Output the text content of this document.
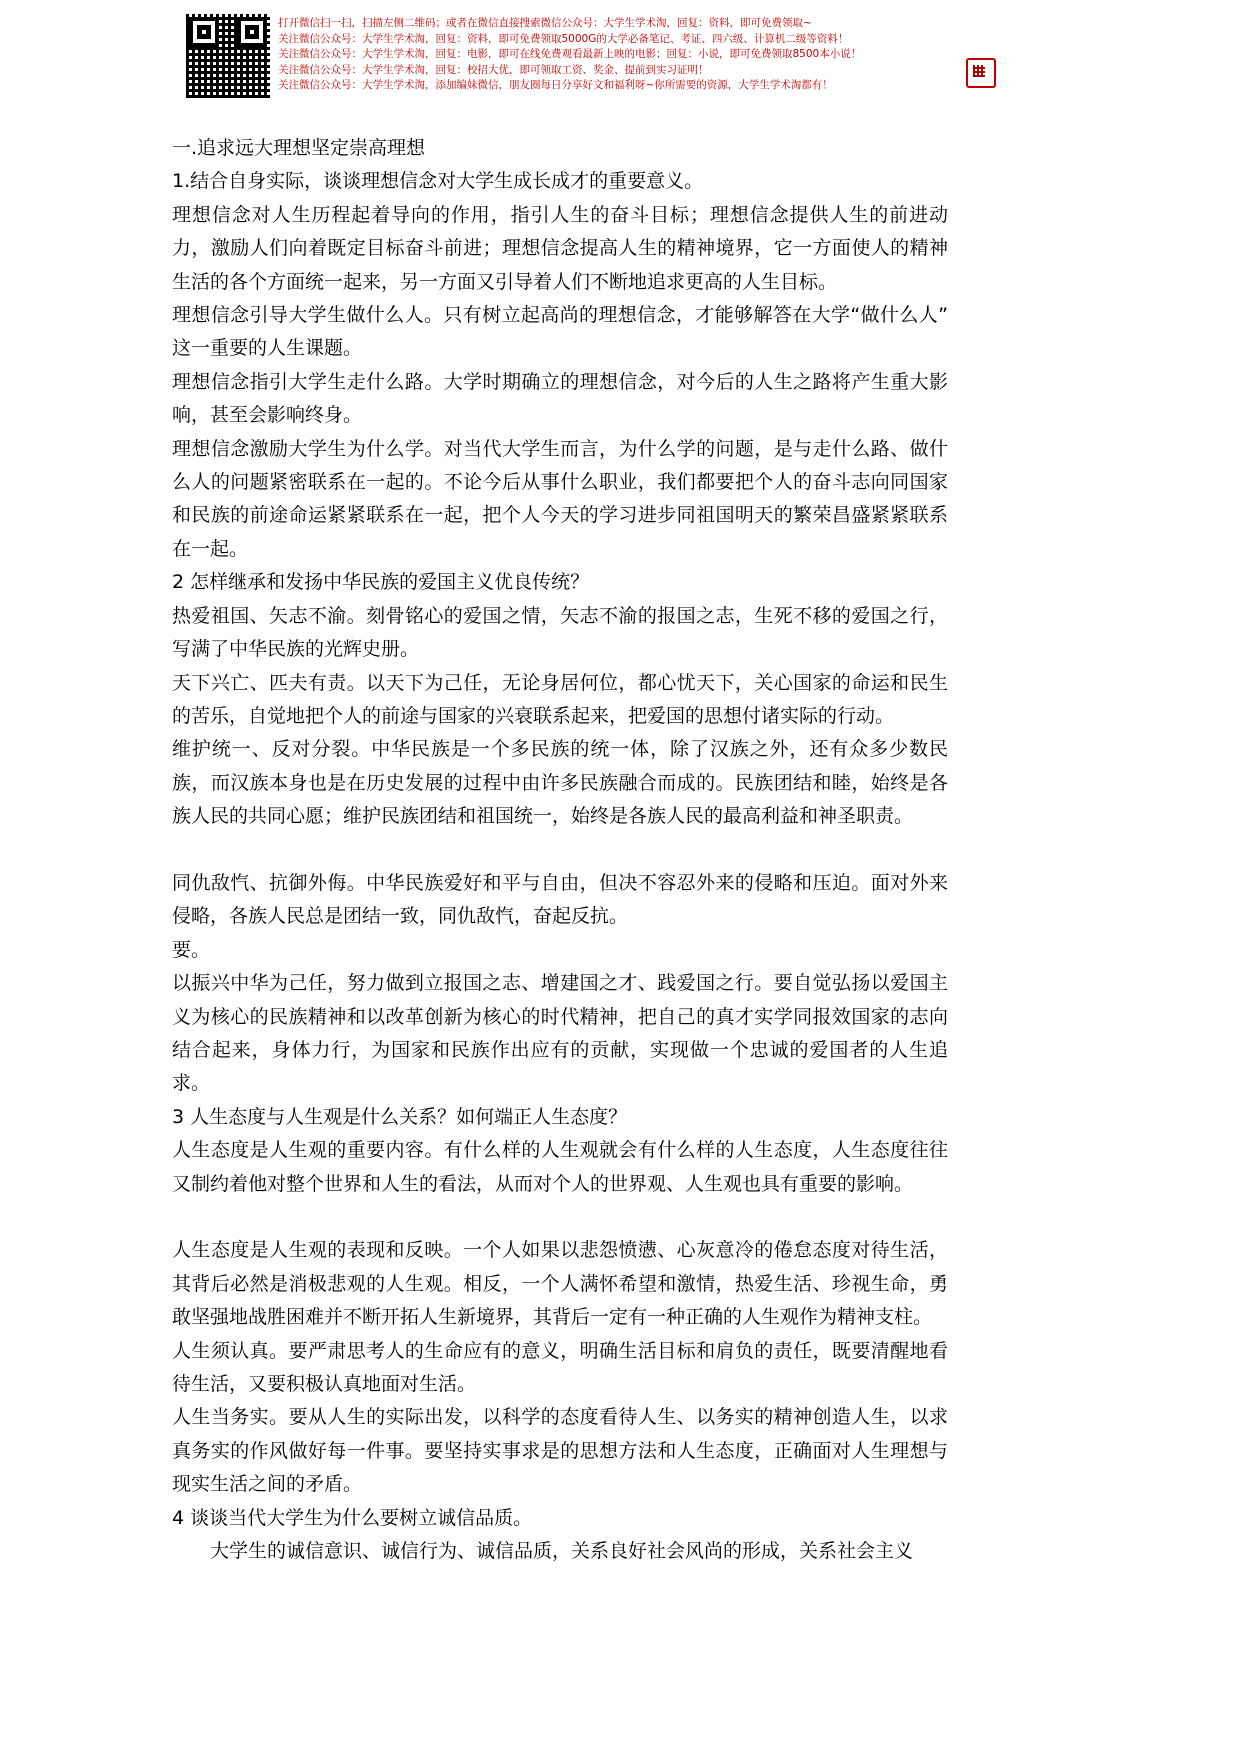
打开微信扫一扫，扫描左侧二维码；或者在微信直接搜索微信公众号：大学生学术淘，回复：资料，即可免费领取~
关注微信公众号：大学生学术淘，回复：资料，即可免费领取5000G的大学必备笔记、考证、四六级、计算机二级等资料！
关注微信公众号：大学生学术淘，回复：电影，即可在线免费观看最新上映的电影；回复：小说，即可免费领取8500本小说！
关注微信公众号：大学生学术淘，回复：校招大优，即可领取工资、奖金、提前到实习证明！
关注微信公众号：大学生学术淘，添加编妹微信，朋友圈每日分享好文和福利呀~你所需要的资源，大学生学术淘都有！

一.追求远大理想坚定崇高理想

1.结合自身实际，谈谈理想信念对大学生成长成才的重要意义。

理想信念对人生历程起着导向的作用，指引人生的奋斗目标；理想信念提供人生的前进动力，激励人们向着既定目标奋斗前进；理想信念提高人生的精神境界，它一方面使人的精神生活的各个方面统一起来，另一方面又引导着人们不断地追求更高的人生目标。

理想信念引导大学生做什么人。只有树立起高尚的理想信念，才能够解答在大学“做什么人”这一重要的人生课题。

理想信念指引大学生走什么路。大学时期确立的理想信念，对今后的人生之路将产生重大影响，甚至会影响终身。

理想信念激励大学生为什么学。对当代大学生而言，为什么学的问题，是与走什么路、做什么人的问题紧密联系在一起的。不论今后从事什么职业，我们都要把个人的奋斗志向同国家和民族的前途命运紧紧联系在一起，把个人今天的学习进步同祖国明天的繁荣昌盛紧紧联系在一起。

2 怎样继承和发扬中华民族的爱国主义优良传统？

热爱祖国、矢志不渝。刻骨铭心的爱国之情，矢志不渝的报国之志，生死不移的爱国之行，写满了中华民族的光辉史册。

天下兴亡、匹夫有责。以天下为己任，无论身居何位，都心忧天下，关心国家的命运和民生的苦乐，自觉地把个人的前途与国家的兴衰联系起来，把爱国的思想付诸实际的行动。

维护统一、反对分裂。中华民族是一个多民族的统一体，除了汉族之外，还有众多少数民族，而汉族本身也是在历史发展的过程中由许多民族融合而成的。民族团结和睦，始终是各族人民的共同心愿；维护民族团结和祖国统一，始终是各族人民的最高利益和神圣职责。

同仇敌忾、抗御外侮。中华民族爱好和平与自由，但决不容忍外来的侵略和压迫。面对外来侵略，各族人民总是团结一致，同仇敌忾，奋起反抗。

要。

以振兴中华为己任，努力做到立报国之志、增建国之才、践爱国之行。要自觉弘扬以爱国主义为核心的民族精神和以改革创新为核心的时代精神，把自己的真才实学同报效国家的志向结合起来，身体力行，为国家和民族作出应有的贡献，实现做一个忠诚的爱国者的人生追求。

3 人生态度与人生观是什么关系？如何端正人生态度？

人生态度是人生观的重要内容。有什么样的人生观就会有什么样的人生态度，人生态度往往又制约着他对整个世界和人生的看法，从而对个人的世界观、人生观也具有重要的影响。

人生态度是人生观的表现和反映。一个人如果以悲怨愤懑、心灰意冷的倦怠态度对待生活，其背后必然是消极悲观的人生观。相反，一个人满怀希望和激情，热爱生活、珍视生命，勇敢坚强地战胜困难并不断开拓人生新境界，其背后一定有一种正确的人生观作为精神支柱。

人生须认真。要严肃思考人的生命应有的意义，明确生活目标和肩负的责任，既要清醒地看待生活，又要积极认真地面对生活。

人生当务实。要从人生的实际出发，以科学的态度看待人生、以务实的精神创造人生，以求真务实的作风做好每一件事。要坚持实事求是的思想方法和人生态度，正确面对人生理想与现实生活之间的矛盾。

4 谈谈当代大学生为什么要树立诚信品质。

大学生的诚信意识、诚信行为、诚信品质，关系良好社会风尚的形成，关系社会主义
